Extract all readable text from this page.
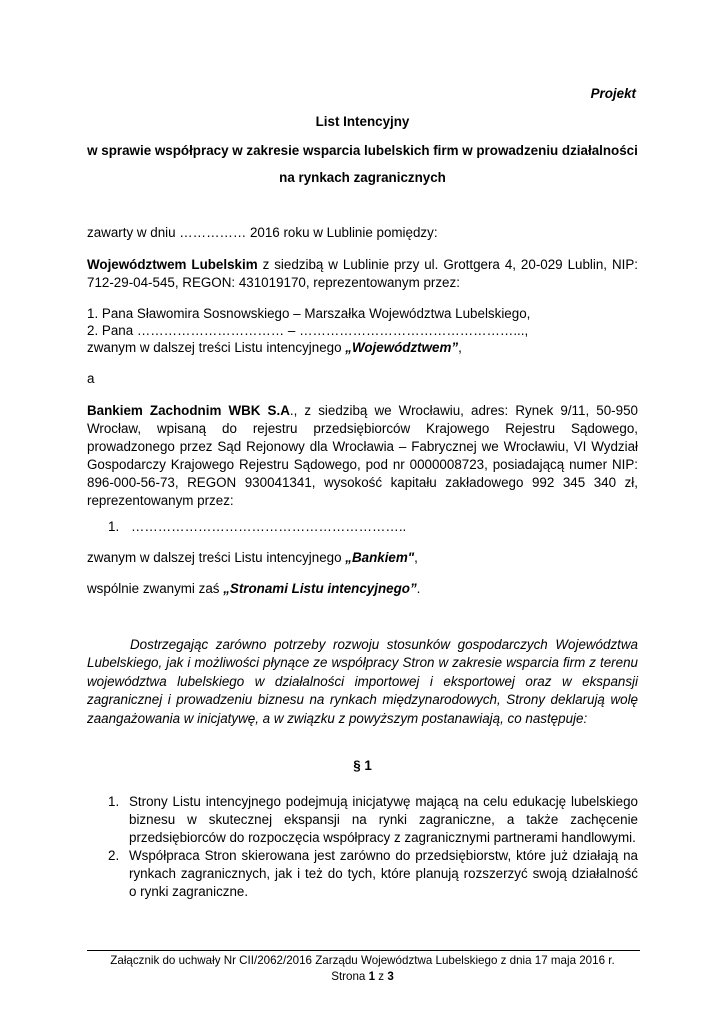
Projekt
List Intencyjny
w sprawie współpracy w zakresie wsparcia lubelskich firm w prowadzeniu działalności
na rynkach zagranicznych
zawarty w dniu …………… 2016 roku w Lublinie pomiędzy:
Województwem Lubelskim z siedzibą w Lublinie przy ul. Grottgera 4, 20-029 Lublin, NIP:
712-29-04-545, REGON: 431019170, reprezentowanym przez:
1. Pana Sławomira Sosnowskiego – Marszałka Województwa Lubelskiego,
2. Pana …………………………… – …………………………………………...,
zwanym w dalszej treści Listu intencyjnego „Województwem”,
a
Bankiem Zachodnim WBK S.A., z siedzibą we Wrocławiu, adres: Rynek 9/11, 50-950
Wrocław, wpisaną do rejestru przedsiębiorców Krajowego Rejestru Sądowego,
prowadzonego przez Sąd Rejonowy dla Wrocławia – Fabrycznej we Wrocławiu, VI Wydział
Gospodarczy Krajowego Rejestru Sądowego, pod nr 0000008723, posiadającą numer NIP:
896-000-56-73, REGON 930041341, wysokość kapitału zakładowego 992 345 340 zł,
reprezentowanym przez:
1. ……………………………………………………..
zwanym w dalszej treści Listu intencyjnego „Bankiem",
wspólnie zwanymi zaś „Stronami Listu intencyjnego”.
Dostrzegając zarówno potrzeby rozwoju stosunków gospodarczych Województwa
Lubelskiego, jak i możliwości płynące ze współpracy Stron w zakresie wsparcia firm z terenu
województwa lubelskiego w działalności importowej i eksportowej oraz w ekspansji
zagranicznej i prowadzeniu biznesu na rynkach międzynarodowych, Strony deklarują wolę
zaangażowania w inicjatywę, a w związku z powyższym postanawiają, co następuje:
§ 1
1. Strony Listu intencyjnego podejmują inicjatywę mającą na celu edukację lubelskiego
biznesu w skutecznej ekspansji na rynki zagraniczne, a także zachęcenie
przedsiębiorców do rozpoczęcia współpracy z zagranicznymi partnerami handlowymi.
2. Współpraca Stron skierowana jest zarówno do przedsiębiorstw, które już działają na
rynkach zagranicznych, jak i też do tych, które planują rozszerzyć swoją działalność
o rynki zagraniczne.
Załącznik do uchwały Nr CII/2062/2016 Zarządu Województwa Lubelskiego z dnia 17 maja 2016 r.
Strona 1 z 3
